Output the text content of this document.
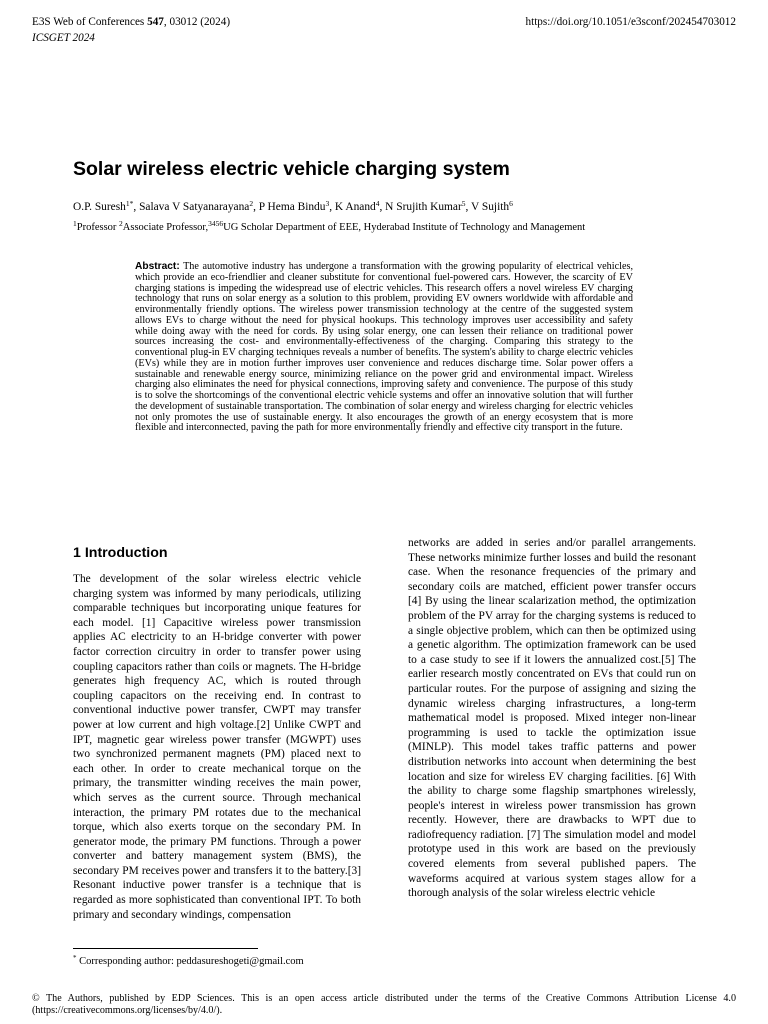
E3S Web of Conferences 547, 03012 (2024)
ICSGET 2024
https://doi.org/10.1051/e3sconf/202454703012
Solar wireless electric vehicle charging system
O.P. Suresh$^{1*}$, Salava V Satyanarayana$^2$, P Hema Bindu$^3$, K Anand$^4$, N Srujith Kumar$^5$, V Sujith$^6$
$^1$Professor $^2$Associate Professor,$^{3456}$UG Scholar Department of EEE, Hyderabad Institute of Technology and Management
Abstract: The automotive industry has undergone a transformation with the growing popularity of electrical vehicles, which provide an eco-friendlier and cleaner substitute for conventional fuel-powered cars. However, the scarcity of EV charging stations is impeding the widespread use of electric vehicles. This research offers a novel wireless EV charging technology that runs on solar energy as a solution to this problem, providing EV owners worldwide with affordable and environmentally friendly options. The wireless power transmission technology at the centre of the suggested system allows EVs to charge without the need for physical hookups. This technology improves user accessibility and safety while doing away with the need for cords. By using solar energy, one can lessen their reliance on traditional power sources increasing the cost- and environmentally-effectiveness of the charging. Comparing this strategy to the conventional plug-in EV charging techniques reveals a number of benefits. The system's ability to charge electric vehicles (EVs) while they are in motion further improves user convenience and reduces discharge time. Solar power offers a sustainable and renewable energy source, minimizing reliance on the power grid and environmental impact. Wireless charging also eliminates the need for physical connections, improving safety and convenience. The purpose of this study is to solve the shortcomings of the conventional electric vehicle systems and offer an innovative solution that will further the development of sustainable transportation. The combination of solar energy and wireless charging for electric vehicles not only promotes the use of sustainable energy. It also encourages the growth of an energy ecosystem that is more flexible and interconnected, paving the path for more environmentally friendly and effective city transport in the future.
1 Introduction
The development of the solar wireless electric vehicle charging system was informed by many periodicals, utilizing comparable techniques but incorporating unique features for each model. [1] Capacitive wireless power transmission applies AC electricity to an H-bridge converter with power factor correction circuitry in order to transfer power using coupling capacitors rather than coils or magnets. The H-bridge generates high frequency AC, which is routed through coupling capacitors on the receiving end. In contrast to conventional inductive power transfer, CWPT may transfer power at low current and high voltage.[2] Unlike CWPT and IPT, magnetic gear wireless power transfer (MGWPT) uses two synchronized permanent magnets (PM) placed next to each other. In order to create mechanical torque on the primary, the transmitter winding receives the main power, which serves as the current source. Through mechanical interaction, the primary PM rotates due to the mechanical torque, which also exerts torque on the secondary PM. In generator mode, the primary PM functions. Through a power converter and battery management system (BMS), the secondary PM receives power and transfers it to the battery.[3] Resonant inductive power transfer is a technique that is regarded as more sophisticated than conventional IPT. To both primary and secondary windings, compensation
networks are added in series and/or parallel arrangements. These networks minimize further losses and build the resonant case. When the resonance frequencies of the primary and secondary coils are matched, efficient power transfer occurs [4] By using the linear scalarization method, the optimization problem of the PV array for the charging systems is reduced to a single objective problem, which can then be optimized using a genetic algorithm. The optimization framework can be used to a case study to see if it lowers the annualized cost.[5] The earlier research mostly concentrated on EVs that could run on particular routes. For the purpose of assigning and sizing the dynamic wireless charging infrastructures, a long-term mathematical model is proposed. Mixed integer non-linear programming is used to tackle the optimization issue (MINLP). This model takes traffic patterns and power distribution networks into account when determining the best location and size for wireless EV charging facilities. [6] With the ability to charge some flagship smartphones wirelessly, people's interest in wireless power transmission has grown recently. However, there are drawbacks to WPT due to radiofrequency radiation. [7] The simulation model and model prototype used in this work are based on the previously covered elements from several published papers. The waveforms acquired at various system stages allow for a thorough analysis of the solar wireless electric vehicle
* Corresponding author: peddasureshogeti@gmail.com
© The Authors, published by EDP Sciences. This is an open access article distributed under the terms of the Creative Commons Attribution License 4.0 (https://creativecommons.org/licenses/by/4.0/).
